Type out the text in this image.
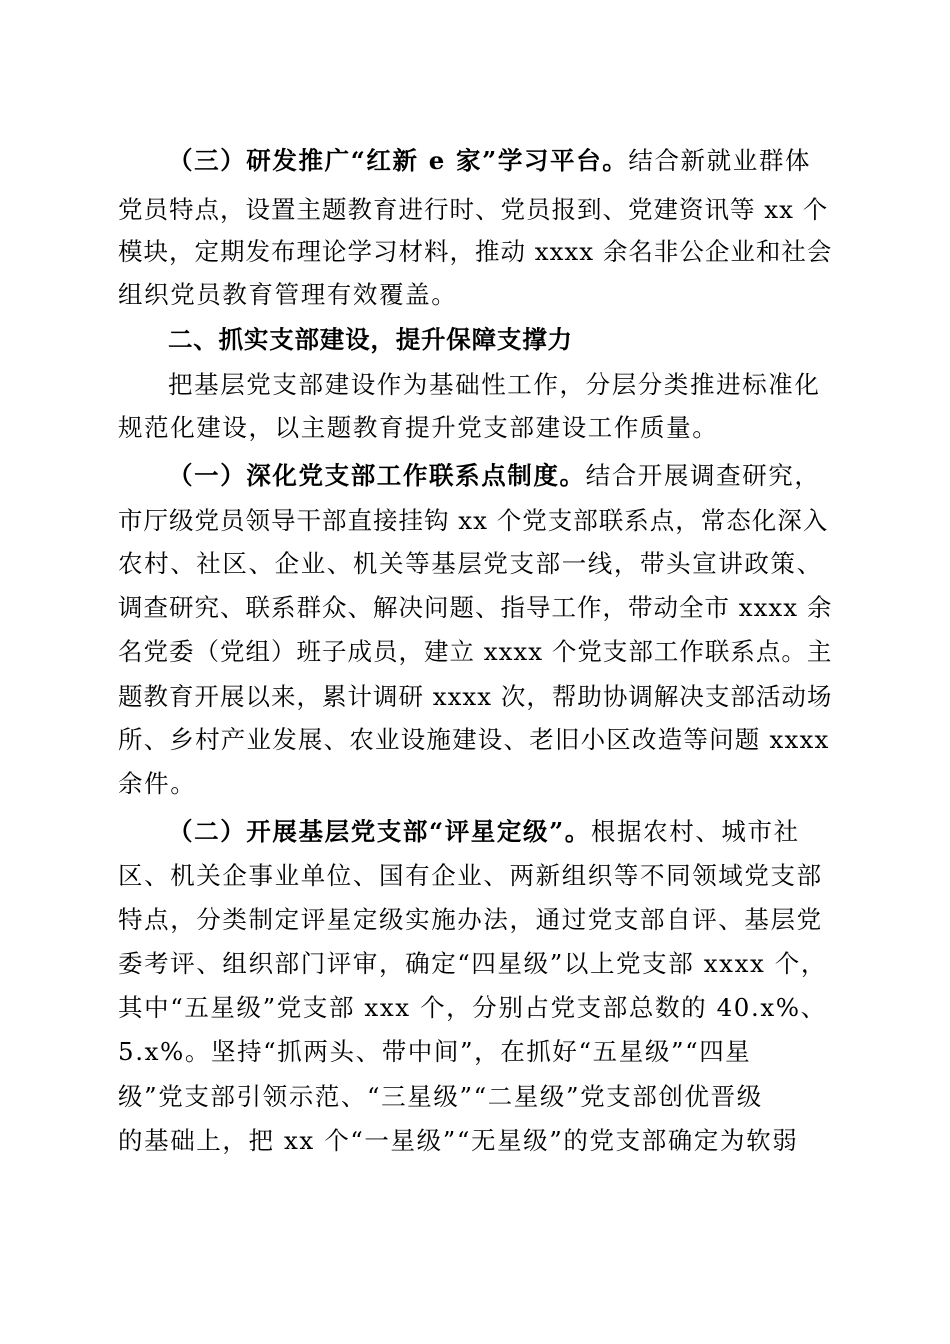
（三）研发推广“红新 e 家”学习平台。结合新就业群体
党员特点，设置主题教育进行时、党员报到、党建资讯等 xx 个
模块，定期发布理论学习材料，推动 xxxx 余名非公企业和社会
组织党员教育管理有效覆盖。
二、抓实支部建设，提升保障支撑力
把基层党支部建设作为基础性工作，分层分类推进标准化
规范化建设，以主题教育提升党支部建设工作质量。
（一）深化党支部工作联系点制度。结合开展调查研究，
市厅级党员领导干部直接挂钩 xx 个党支部联系点，常态化深入
农村、社区、企业、机关等基层党支部一线，带头宣讲政策、
调查研究、联系群众、解决问题、指导工作，带动全市 xxxx 余
名党委（党组）班子成员，建立 xxxx 个党支部工作联系点。主
题教育开展以来，累计调研 xxxx 次，帮助协调解决支部活动场
所、乡村产业发展、农业设施建设、老旧小区改造等问题 xxxx
余件。
（二）开展基层党支部“评星定级”。根据农村、城市社
区、机关企事业单位、国有企业、两新组织等不同领域党支部
特点，分类制定评星定级实施办法，通过党支部自评、基层党
委考评、组织部门评审，确定“四星级”以上党支部 xxxx 个，
其中“五星级”党支部 xxx 个，分别占党支部总数的 40.x%、
5.x%。坚持“抓两头、带中间”，在抓好“五星级”“四星
级”党支部引领示范、“三星级”“二星级”党支部创优晋级
的基础上，把 xx 个“一星级”“无星级”的党支部确定为软弱
